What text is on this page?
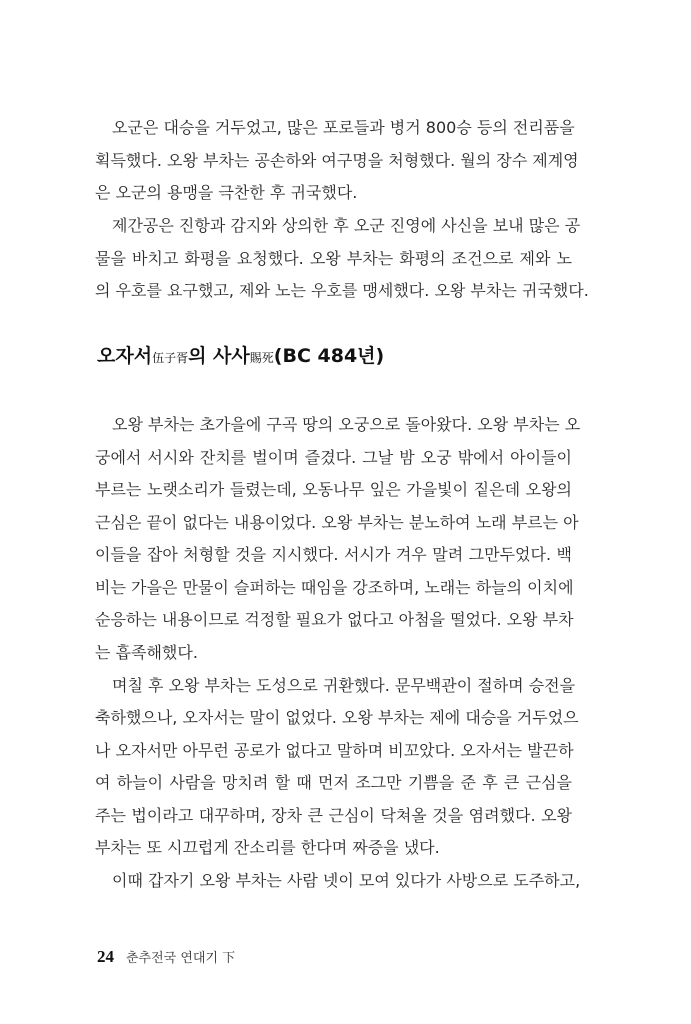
오군은 대승을 거두었고, 많은 포로들과 병거 800승 등의 전리품을
획득했다. 오왕 부차는 공손하와 여구명을 처형했다. 월의 장수 제계영
은 오군의 용맹을 극찬한 후 귀국했다.
제간공은 진항과 감지와 상의한 후 오군 진영에 사신을 보내 많은 공
물을 바치고 화평을 요청했다. 오왕 부차는 화평의 조건으로 제와 노
의 우호를 요구했고, 제와 노는 우호를 맹세했다. 오왕 부차는 귀국했다.
오자서伍子胥의 사사賜死(BC 484년)
오왕 부차는 초가을에 구곡 땅의 오궁으로 돌아왔다. 오왕 부차는 오
궁에서 서시와 잔치를 벌이며 즐겼다. 그날 밤 오궁 밖에서 아이들이
부르는 노랫소리가 들렸는데, 오동나무 잎은 가을빛이 짙은데 오왕의
근심은 끝이 없다는 내용이었다. 오왕 부차는 분노하여 노래 부르는 아
이들을 잡아 처형할 것을 지시했다. 서시가 겨우 말려 그만두었다. 백
비는 가을은 만물이 슬퍼하는 때임을 강조하며, 노래는 하늘의 이치에
순응하는 내용이므로 걱정할 필요가 없다고 아첨을 떨었다. 오왕 부차
는 흡족해했다.
며칠 후 오왕 부차는 도성으로 귀환했다. 문무백관이 절하며 승전을
축하했으나, 오자서는 말이 없었다. 오왕 부차는 제에 대승을 거두었으
나 오자서만 아무런 공로가 없다고 말하며 비꼬았다. 오자서는 발끈하
여 하늘이 사람을 망치려 할 때 먼저 조그만 기쁨을 준 후 큰 근심을
주는 법이라고 대꾸하며, 장차 큰 근심이 닥쳐올 것을 염려했다. 오왕
부차는 또 시끄럽게 잔소리를 한다며 짜증을 냈다.
이때 갑자기 오왕 부차는 사람 넷이 모여 있다가 사방으로 도주하고,
24 춘추전국 연대기 下
